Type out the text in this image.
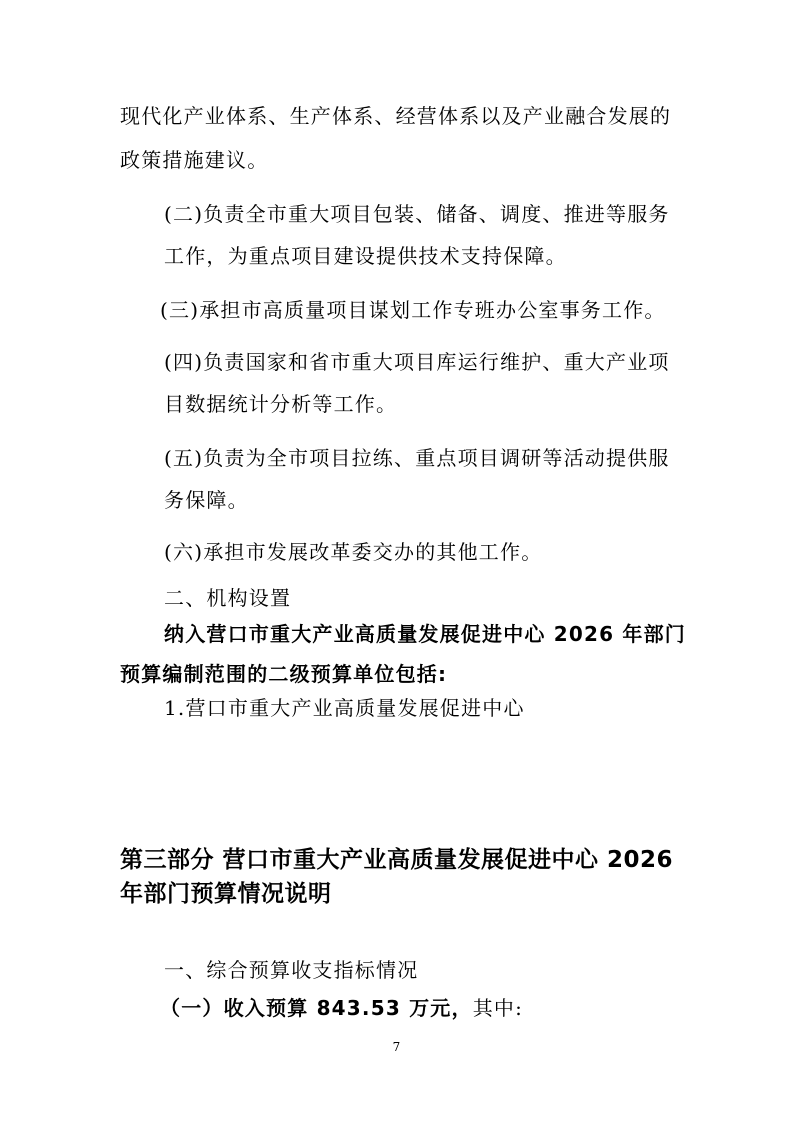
现代化产业体系、生产体系、经营体系以及产业融合发展的
政策措施建议。
(二)负责全市重大项目包装、储备、调度、推进等服务
工作，为重点项目建设提供技术支持保障。
(三)承担市高质量项目谋划工作专班办公室事务工作。
(四)负责国家和省市重大项目库运行维护、重大产业项
目数据统计分析等工作。
(五)负责为全市项目拉练、重点项目调研等活动提供服
务保障。
(六)承担市发展改革委交办的其他工作。
二、机构设置
纳入营口市重大产业高质量发展促进中心 2026 年部门
预算编制范围的二级预算单位包括:
1.营口市重大产业高质量发展促进中心
第三部分 营口市重大产业高质量发展促进中心 2026
年部门预算情况说明
一、综合预算收支指标情况
（一）收入预算 843.53 万元，其中:
7
